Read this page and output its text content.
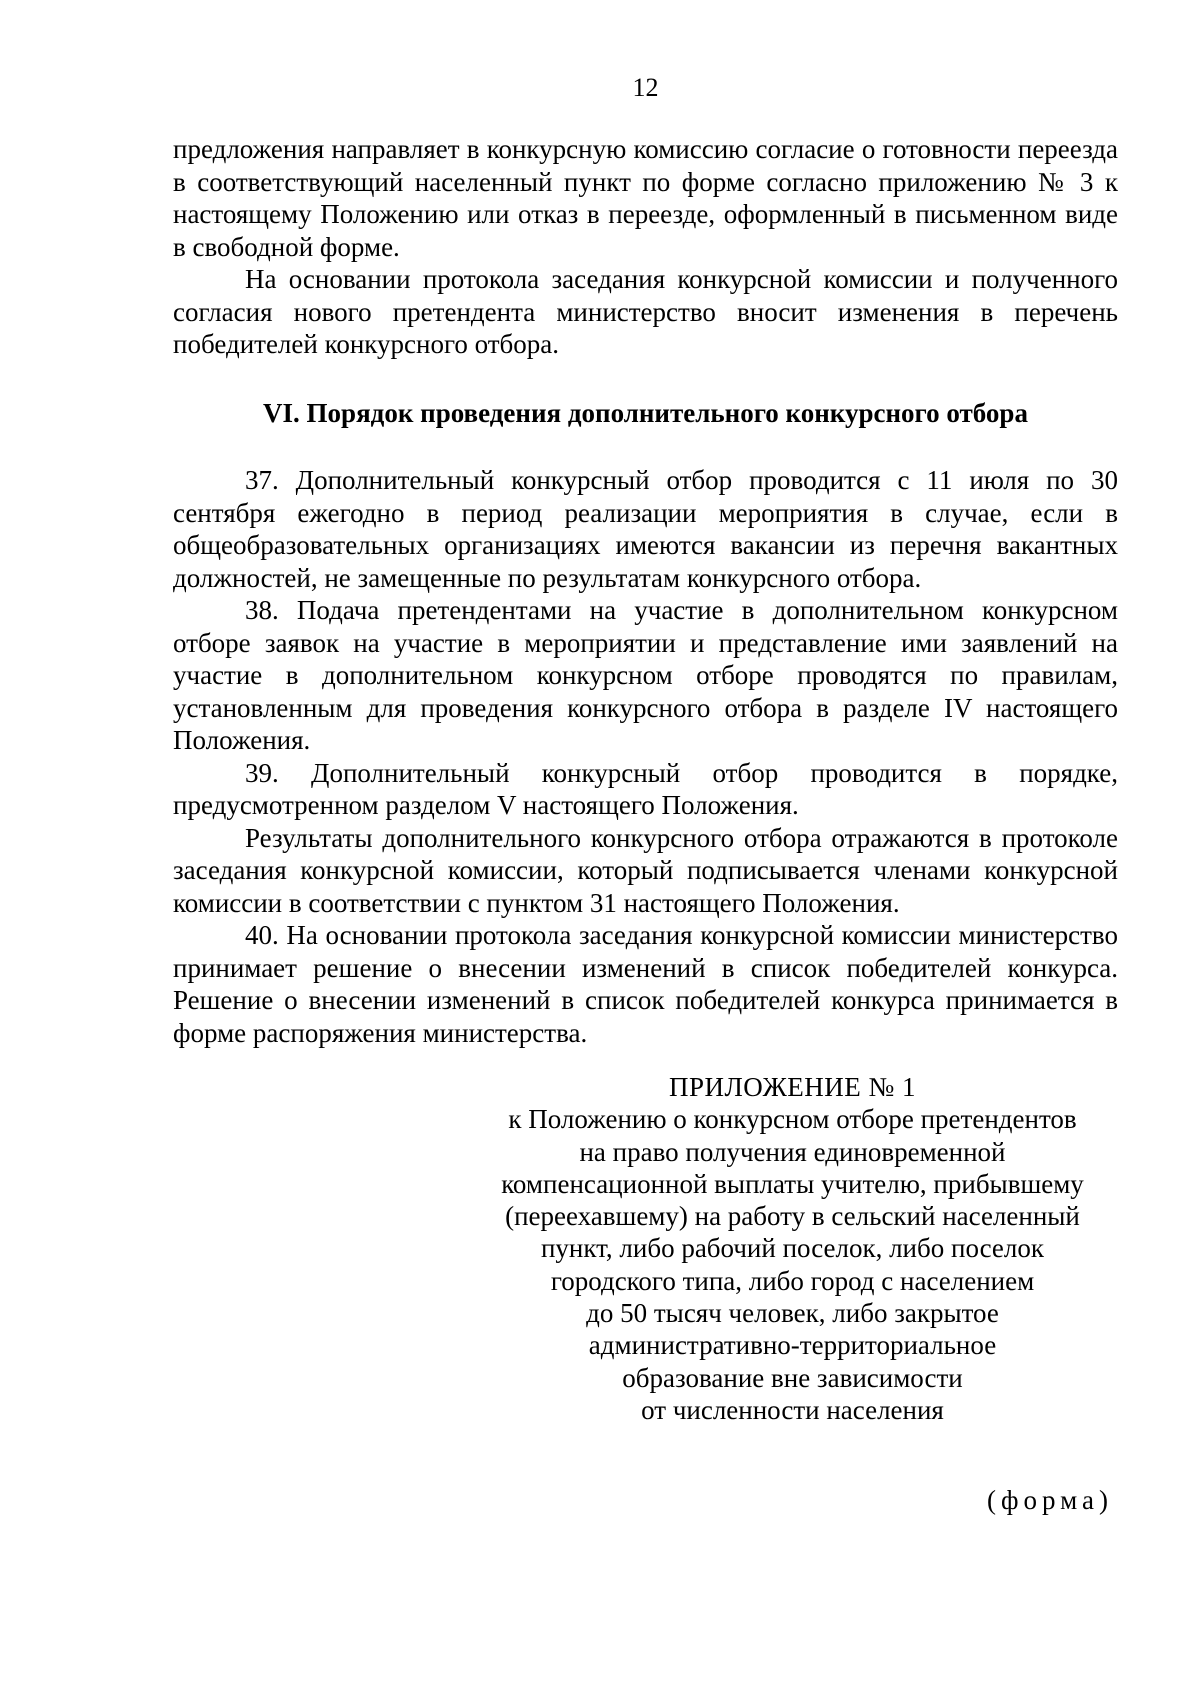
12

предложения направляет в конкурсную комиссию согласие о готовности переезда в соответствующий населенный пункт по форме согласно приложению № 3 к настоящему Положению или отказ в переезде, оформленный в письменном виде в свободной форме.

На основании протокола заседания конкурсной комиссии и полученного согласия нового претендента министерство вносит изменения в перечень победителей конкурсного отбора.

VI. Порядок проведения дополнительного конкурсного отбора

37. Дополнительный конкурсный отбор проводится с 11 июля по 30 сентября ежегодно в период реализации мероприятия в случае, если в общеобразовательных организациях имеются вакансии из перечня вакантных должностей, не замещенные по результатам конкурсного отбора.

38. Подача претендентами на участие в дополнительном конкурсном отборе заявок на участие в мероприятии и представление ими заявлений на участие в дополнительном конкурсном отборе проводятся по правилам, установленным для проведения конкурсного отбора в разделе IV настоящего Положения.

39. Дополнительный конкурсный отбор проводится в порядке, предусмотренном разделом V настоящего Положения.

Результаты дополнительного конкурсного отбора отражаются в протоколе заседания конкурсной комиссии, который подписывается членами конкурсной комиссии в соответствии с пунктом 31 настоящего Положения.

40. На основании протокола заседания конкурсной комиссии министерство принимает решение о внесении изменений в список победителей конкурса. Решение о внесении изменений в список победителей конкурса принимается в форме распоряжения министерства.

ПРИЛОЖЕНИЕ № 1
к Положению о конкурсном отборе претендентов
на право получения единовременной
компенсационной выплаты учителю, прибывшему
(переехавшему) на работу в сельский населенный
пункт, либо рабочий поселок, либо поселок
городского типа, либо город с населением
до 50 тысяч человек, либо закрытое
административно-территориальное
образование вне зависимости
от численности населения
(форма)
